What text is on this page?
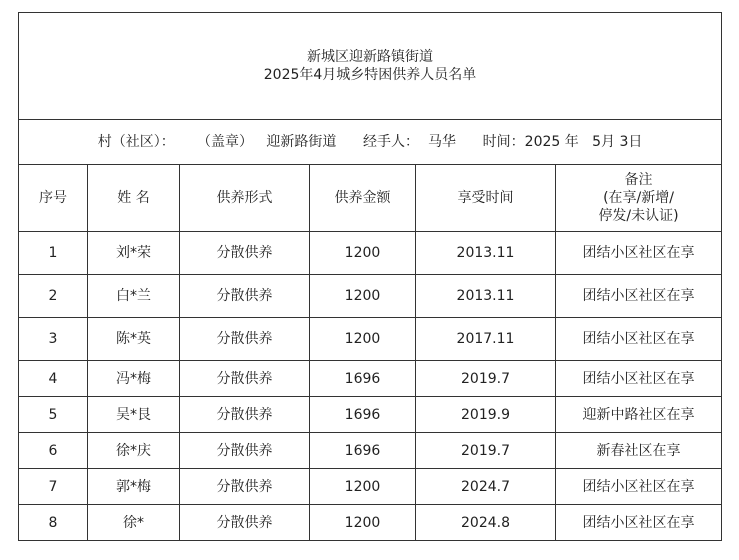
新城区迎新路镇街道
2025年4月城乡特困供养人员名单					

村（社区）： （盖章） 迎新路街道 经手人： 马华 时间：2025 年   5月 3日					
序号	姓 名	供养形式	供养金额	享受时间	备注
(在享/新增/
停发/未认证)

1	刘*荣	分散供养	1200	2013.11	团结小区社区在享
2	白*兰	分散供养	1200	2013.11	团结小区社区在享
3	陈*英	分散供养	1200	2017.11	团结小区社区在享
4	冯*梅	分散供养	1696	2019.7	团结小区社区在享
5	吴*艮	分散供养	1696	2019.9	迎新中路社区在享
6	徐*庆	分散供养	1696	2019.7	新春社区在享
7	郭*梅	分散供养	1200	2024.7	团结小区社区在享
8	徐*	分散供养	1200	2024.8	团结小区社区在享
